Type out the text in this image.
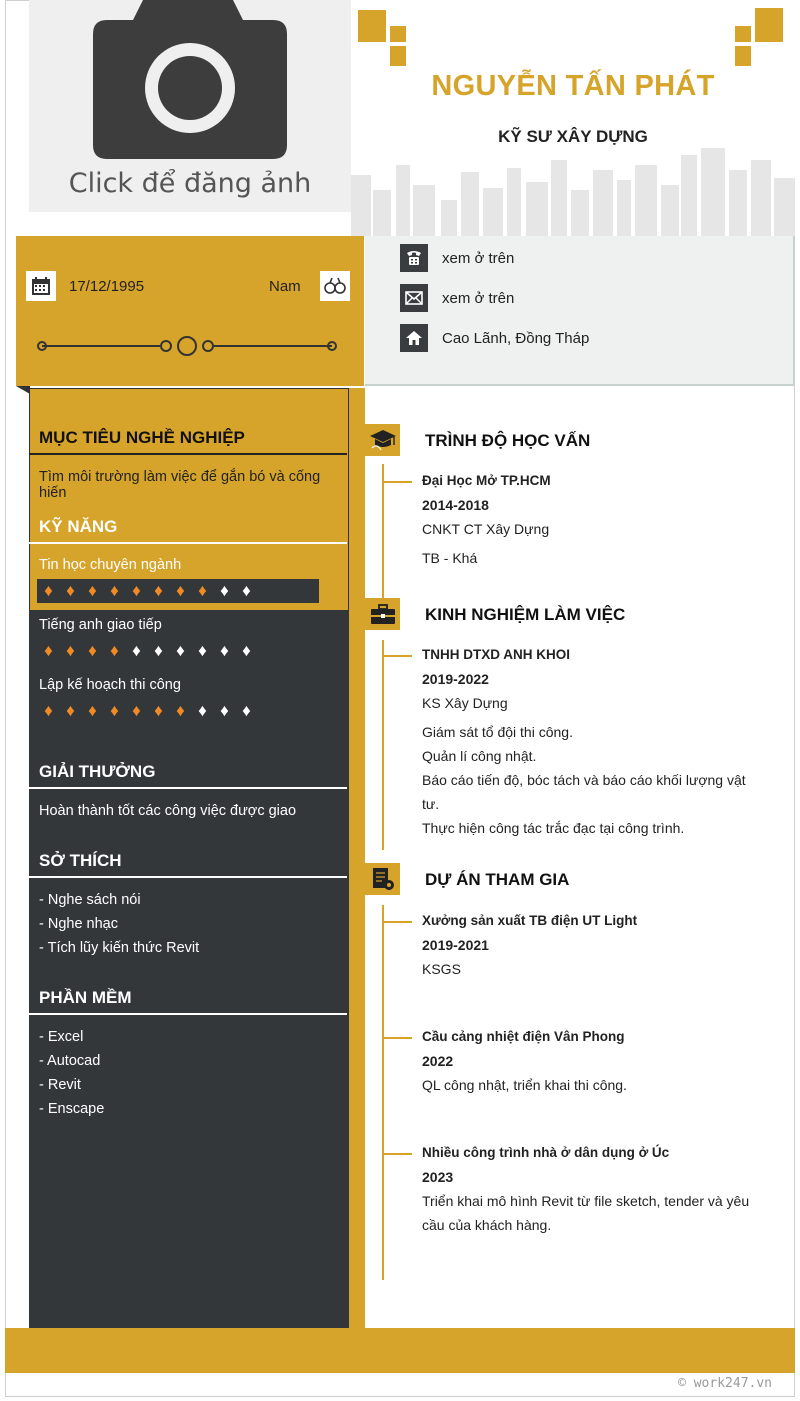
Click để đăng ảnh
NGUYỄN TẤN PHÁT
KỸ SƯ XÂY DỰNG
17/12/1995	Nam
xem ở trên
xem ở trên
Cao Lãnh, Đồng Tháp
MỤC TIÊU NGHỀ NGHIỆP
Tìm môi trường làm việc để gắn bó và cống hiến
KỸ NĂNG
Tin học chuyên ngành
♦ ♦ ♦ ♦ ♦ ♦ ♦ ♦ ♦ ♦
Tiếng anh giao tiếp
♦ ♦ ♦ ♦ ♦ ♦ ♦ ♦ ♦ ♦
Lập kế hoạch thi công
♦ ♦ ♦ ♦ ♦ ♦ ♦ ♦ ♦ ♦
GIẢI THƯỞNG
Hoàn thành tốt các công việc được giao
SỞ THÍCH
- Nghe sách nói
- Nghe nhạc
- Tích lũy kiến thức Revit
PHẦN MỀM
- Excel
- Autocad
- Revit
- Enscape
TRÌNH ĐỘ HỌC VẤN
Đại Học Mở TP.HCM
2014-2018
CNKT CT Xây Dựng
TB - Khá
KINH NGHIỆM LÀM VIỆC
TNHH DTXD ANH KHOI
2019-2022
KS Xây Dựng
Giám sát tổ đội thi công.
Quản lí công nhật.
Báo cáo tiến độ, bóc tách và báo cáo khối lượng vật
tư.
Thực hiện công tác trắc đạc tại công trình.
DỰ ÁN THAM GIA
Xưởng sản xuất TB điện UT Light
2019-2021
KSGS
Cầu cảng nhiệt điện Vân Phong
2022
QL công nhật, triển khai thi công.
Nhiều công trình nhà ở dân dụng ở Úc
2023
Triển khai mô hình Revit từ file sketch, tender và yêu
cầu của khách hàng.
© work247.vn
